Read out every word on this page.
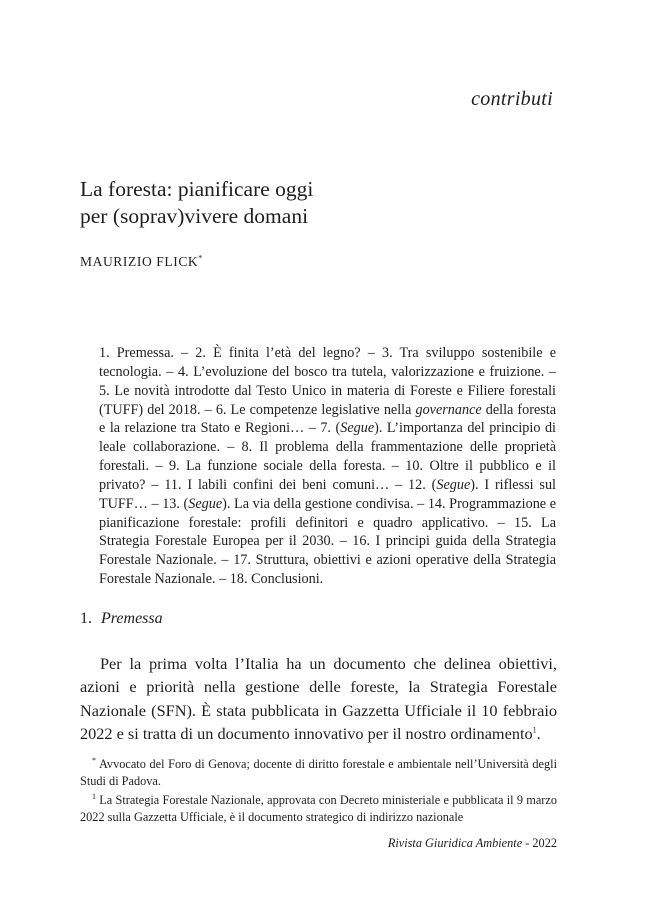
contributi
La foresta: pianificare oggi
per (soprav)vivere domani
MAURIZIO FLICK*
1. Premessa. – 2. È finita l’età del legno? – 3. Tra sviluppo sostenibile e tecnologia. – 4. L’evoluzione del bosco tra tutela, valorizzazione e fruizione. – 5. Le novità introdotte dal Testo Unico in materia di Foreste e Filiere forestali (TUFF) del 2018. – 6. Le competenze legislative nella governance della foresta e la relazione tra Stato e Regioni… – 7. (Segue). L’importanza del principio di leale collaborazione. – 8. Il problema della frammentazione delle proprietà forestali. – 9. La funzione sociale della foresta. – 10. Oltre il pubblico e il privato? – 11. I labili confini dei beni comuni… – 12. (Segue). I riflessi sul TUFF… – 13. (Segue). La via della gestione condivisa. – 14. Programmazione e pianificazione forestale: profili definitori e quadro applicativo. – 15. La Strategia Forestale Europea per il 2030. – 16. I principi guida della Strategia Forestale Nazionale. – 17. Struttura, obiettivi e azioni operative della Strategia Forestale Nazionale. – 18. Conclusioni.
1. Premessa
Per la prima volta l’Italia ha un documento che delinea obiettivi, azioni e priorità nella gestione delle foreste, la Strategia Forestale Nazionale (SFN). È stata pubblicata in Gazzetta Ufficiale il 10 febbraio 2022 e si tratta di un documento innovativo per il nostro ordinamento$^1$.
* Avvocato del Foro di Genova; docente di diritto forestale e ambientale nell’Università degli Studi di Padova.
$^1$ La Strategia Forestale Nazionale, approvata con Decreto ministeriale e pubblicata il 9 marzo 2022 sulla Gazzetta Ufficiale, è il documento strategico di indirizzo nazionale
Rivista Giuridica Ambiente - 2022
